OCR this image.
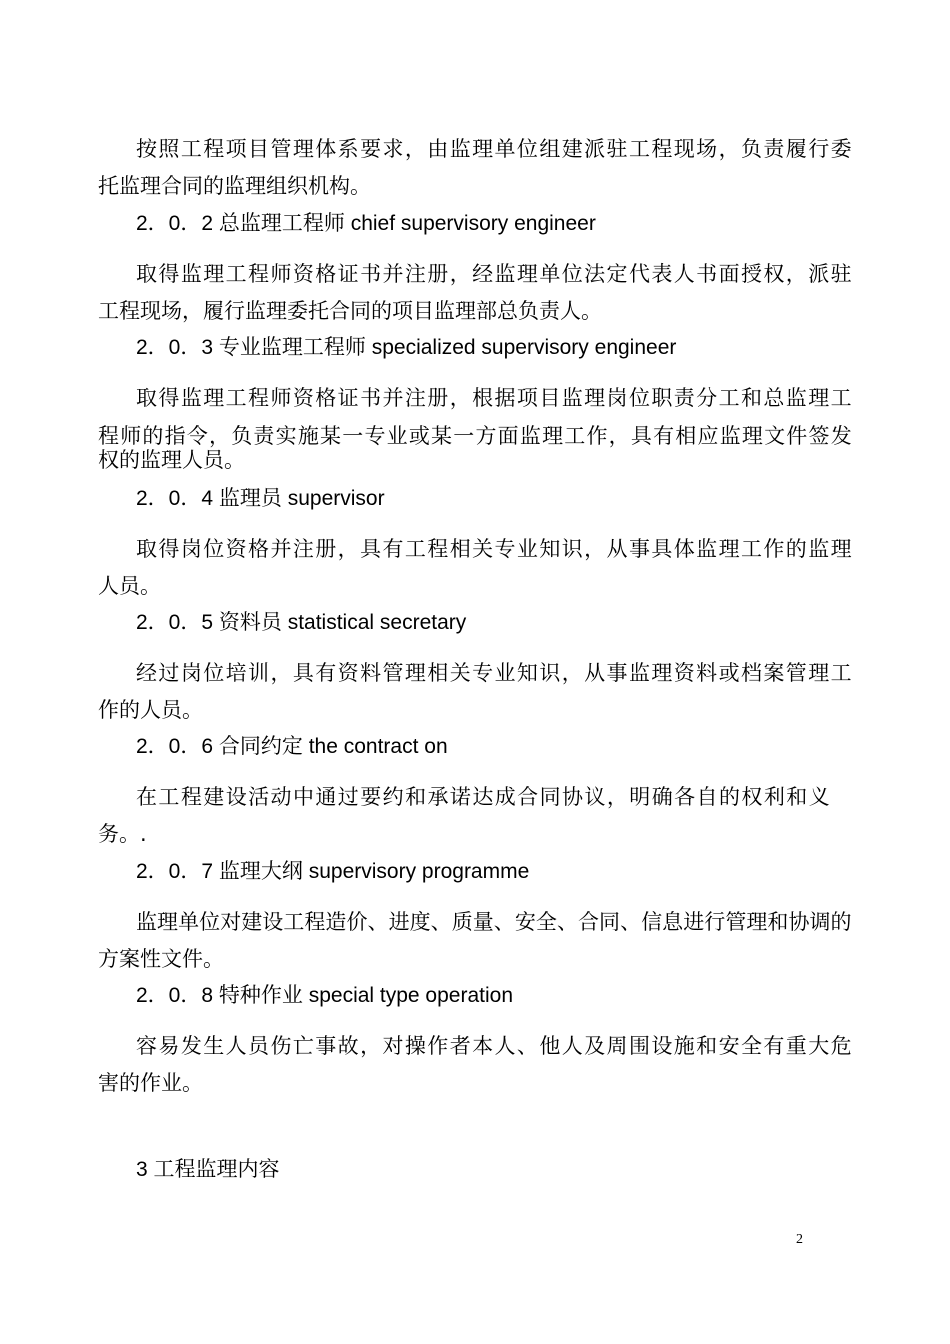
按 照 工 程 项 目 管 理 体 系 要 求 ， 由 监 理 单 位 组 建 派 驻 工 程 现 场 ， 负 责 履 行 委
托监理合同的监理组织机构。
2．0．2 总监理工程师 chief supervisory engineer
取 得 监 理 工 程 师 资 格 证 书 并 注 册 ， 经 监 理 单 位 法 定 代 表 人 书 面 授 权 ， 派 驻
工程现场，履行监理委托合同的项目监理部总负责人。
2．0．3 专业监理工程师 specialized supervisory engineer
取 得 监 理 工 程 师 资 格 证 书 并 注 册 ， 根 据 项 目 监 理 岗 位 职 责 分 工 和 总 监 理 工
程 师 的 指 令 ， 负 责 实 施 某 一 专 业 或 某 一 方 面 监 理 工 作 ， 具 有 相 应 监 理 文 件 签 发
权的监理人员。
2．0．4 监理员 supervisor
取 得 岗 位 资 格 并 注 册 ， 具 有 工 程 相 关 专 业 知 识 ， 从 事 具 体 监 理 工 作 的 监 理
人员。
2．0．5 资料员 statistical secretary
经 过 岗 位 培 训 ， 具 有 资 料 管 理 相 关 专 业 知 识 ， 从 事 监 理 资 料 或 档 案 管 理 工
作的人员。
2．0．6 合同约定 the contract on
在 工 程 建 设 活 动 中 通 过 要 约 和 承 诺 达 成 合 同 协 议 ， 明 确 各 自 的 权 利 和 义
务。.
2．0．7 监理大纲 supervisory programme
监 理 单 位 对 建 设 工 程 造 价 、 进 度 、 质 量 、 安 全 、 合 同 、 信 息 进 行 管 理 和 协 调 的
方案性文件。
2．0．8 特种作业 special type operation
容 易 发 生 人 员 伤 亡 事 故 ， 对 操 作 者 本 人 、 他 人 及 周 围 设 施 和 安 全 有 重 大 危
害的作业。
3 工程监理内容
2
